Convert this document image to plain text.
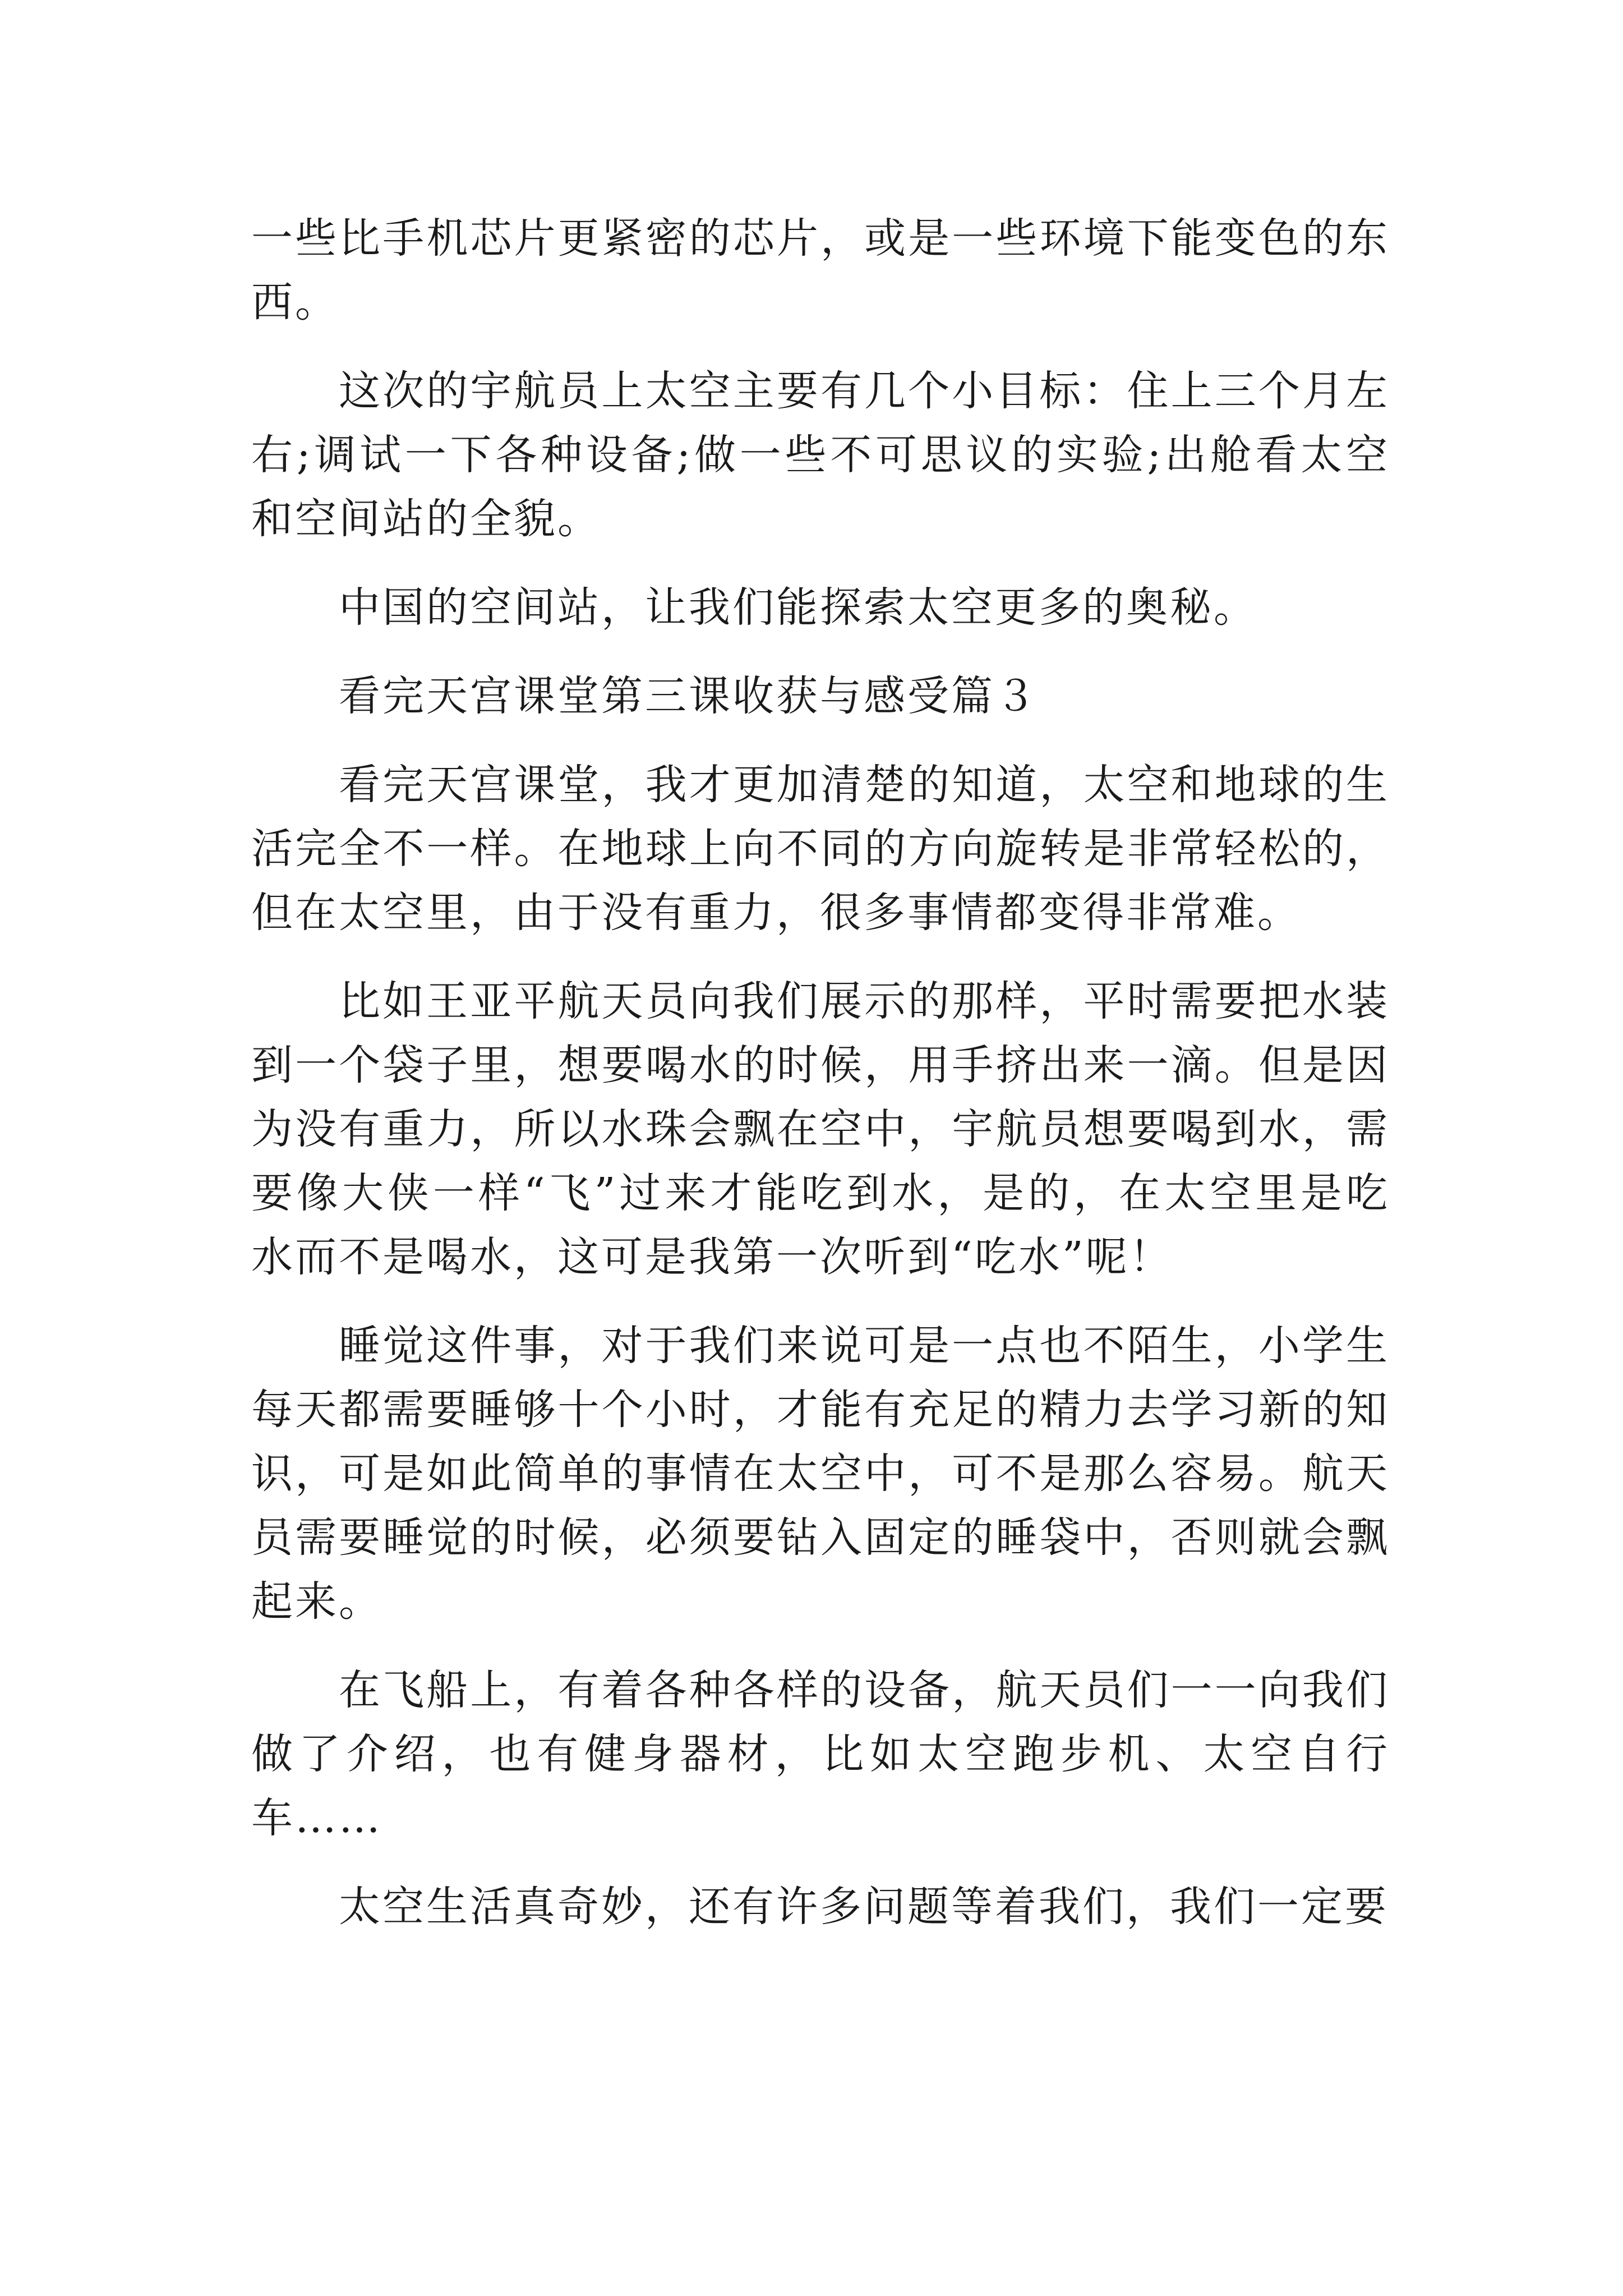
一些比手机芯片更紧密的芯片，或是一些环境下能变色的东西。

这次的宇航员上太空主要有几个小目标：住上三个月左右;调试一下各种设备;做一些不可思议的实验;出舱看太空和空间站的全貌。

中国的空间站，让我们能探索太空更多的奥秘。

看完天宫课堂第三课收获与感受篇３

看完天宫课堂，我才更加清楚的知道，太空和地球的生活完全不一样。在地球上向不同的方向旋转是非常轻松的，但在太空里，由于没有重力，很多事情都变得非常难。

比如王亚平航天员向我们展示的那样，平时需要把水装到一个袋子里，想要喝水的时候，用手挤出来一滴。但是因为没有重力，所以水珠会飘在空中，宇航员想要喝到水，需要像大侠一样“飞”过来才能吃到水，是的，在太空里是吃水而不是喝水，这可是我第一次听到“吃水”呢！

睡觉这件事，对于我们来说可是一点也不陌生，小学生每天都需要睡够十个小时，才能有充足的精力去学习新的知识，可是如此简单的事情在太空中，可不是那么容易。航天员需要睡觉的时候，必须要钻入固定的睡袋中，否则就会飘起来。

在飞船上，有着各种各样的设备，航天员们一一向我们做了介绍，也有健身器材，比如太空跑步机、太空自行车……

太空生活真奇妙，还有许多问题等着我们，我们一定要
